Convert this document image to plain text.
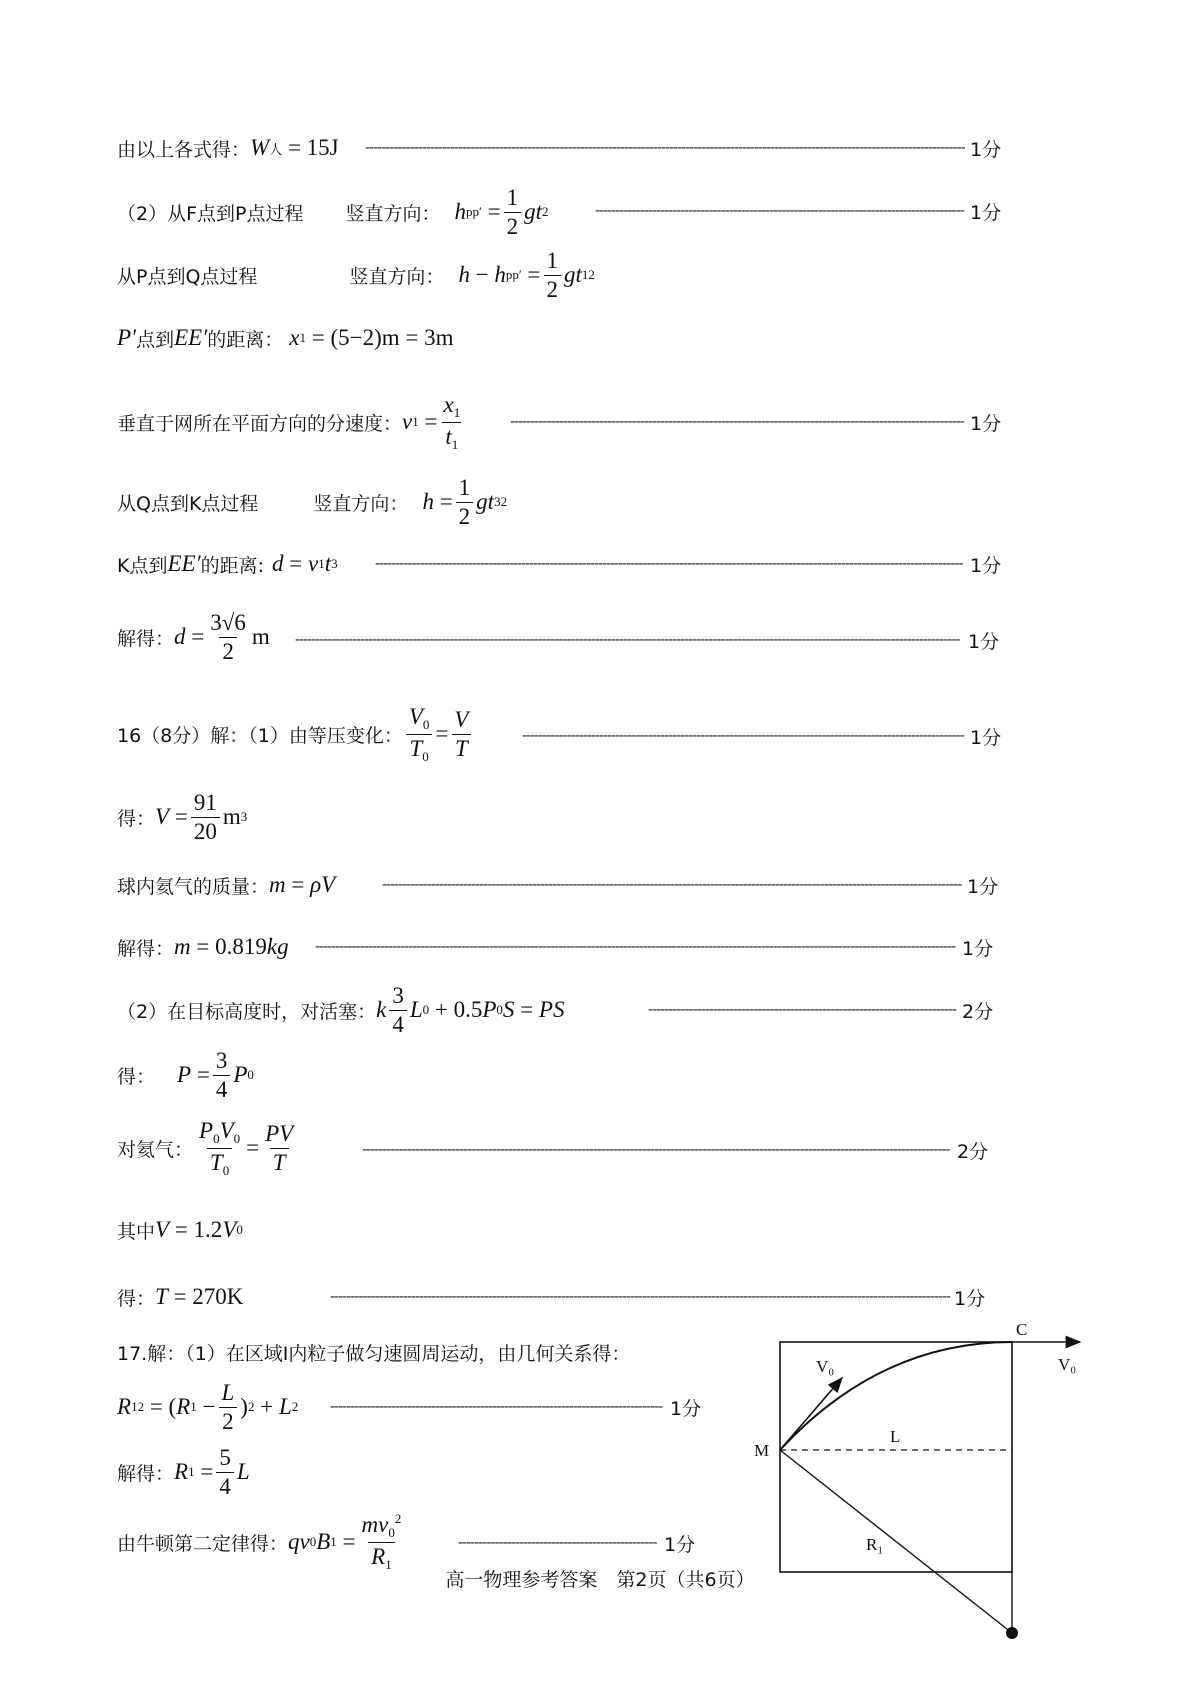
由以上各式得： W 人 = 15J ---------------------------------------------------------------------------------------------------------------------------------------------------- 1分
（2）从F点到P点过程 竖直方向： h $pp' = \frac{1}{2}$ gt 2	------------------------------------------------------------------------------------------- 1分
从P点到Q点过程	竖直方向： h − h $pp' = \frac{1}{2}$ gt 1 2
P′ 点到 EE′ 的距离： x 1 = (5−2)m = 3m
垂直于网所在平面方向的分速度： v $1 = \frac{x_1}{t_1}$	---------------------------------------------------------------------------------------------------------------- 1分
从Q点到K点过程	竖直方向： $h = \frac{1}{2}$ gt 3 2
K点到 EE′ 的距离: d = v 1 t 3	------------------------------------------------------------------------------------------------------------------------------------------------- 1分
解得： $d = \frac{3√6}{2}$ m -------------------------------------------------------------------------------------------------------------------------------------------------------------------- 1分
16（8分）解：（1）由等压变化： $\frac{V_0}{T_0} = \frac{V}{T}$	------------------------------------------------------------------------------------------------------------- 1分
得： $V = \frac{91}{20}$ m 3
球内氦气的质量： m = ρV	----------------------------------------------------------------------------------------------------------------------------------------------- 1分
解得： m = 0.819 kg -------------------------------------------------------------------------------------------------------------------------------------------------------------- 1分
（2）在目标高度时，对活塞： k $\frac{3}{4}$ L 0 + 0.5 P 0 S = PS	---------------------------------------------------------------------------- 2分
得： $P = \frac{3}{4}$ P 0
对氦气： $\frac{P_0V_0}{T_0} = \frac{PV}{T}$	------------------------------------------------------------------------------------------------------------------------------------------------- 2分
其中 V = 1.2 V 0
得： T = 270K	--------------------------------------------------------------------------------------------------------------------------------------------------------- 1分
17.解：（1）在区域Ⅰ内粒子做匀速圆周运动，由几何关系得：
R 1 2 = ( R $1 - \frac{L}{2}$ ) 2 + L 2 ---------------------------------------------------------------------------------- 1分
解得： R $1 = \frac{5}{4}$ L
由牛顿第二定律得： qv 0 B $1 = \frac{mv_0^2}{R_1}$	------------------------------------------------- 1分
C
V₀	V₀
M
L
R₁
高一物理参考答案　第2页（共6页）
